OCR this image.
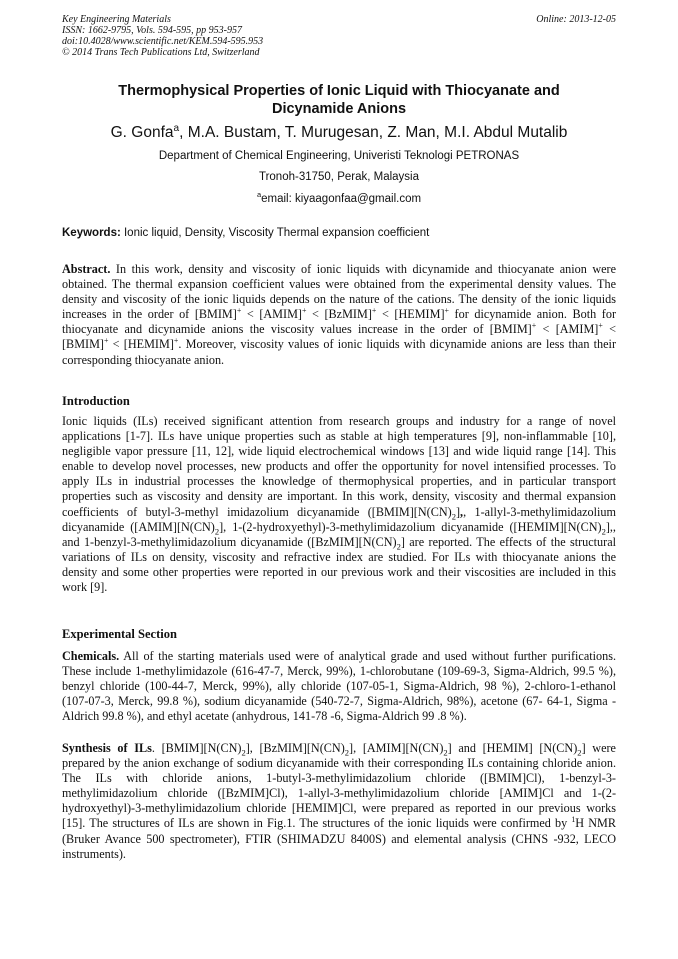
Key Engineering Materials
ISSN: 1662-9795, Vols. 594-595, pp 953-957
doi:10.4028/www.scientific.net/KEM.594-595.953
© 2014 Trans Tech Publications Ltd, Switzerland
Online: 2013-12-05
Thermophysical Properties of Ionic Liquid with Thiocyanate and
Dicynamide Anions
G. Gonfa$^a$, M.A. Bustam, T. Murugesan, Z. Man, M.I. Abdul Mutalib
Department of Chemical Engineering, Univeristi Teknologi PETRONAS
Tronoh-31750, Perak, Malaysia
$^a$email: kiyaagonfaa@gmail.com
Keywords: Ionic liquid, Density, Viscosity Thermal expansion coefficient
Abstract. In this work, density and viscosity of ionic liquids with dicynamide and thiocyanate anion were obtained. The thermal expansion coefficient values were obtained from the experimental density values. The density and viscosity of the ionic liquids depends on the nature of the cations. The density of the ionic liquids increases in the order of [BMIM]+ < [AMIM]+ < [BzMIM]+ < [HEMIM]+ for dicynamide anion. Both for thiocyanate and dicynamide anions the viscosity values increase in the order of [BMIM]+ < [AMIM]+ < [BMIM]+ < [HEMIM]+. Moreover, viscosity values of ionic liquids with dicynamide anions are less than their corresponding thiocyanate anion.
Introduction
Ionic liquids (ILs) received significant attention from research groups and industry for a range of novel applications [1-7]. ILs have unique properties such as stable at high temperatures [9], non-inflammable [10], negligible vapor pressure [11, 12], wide liquid electrochemical windows [13] and wide liquid range [14]. This enable to develop novel processes, new products and offer the opportunity for novel intensified processes. To apply ILs in industrial processes the knowledge of thermophysical properties, and in particular transport properties such as viscosity and density are important. In this work, density, viscosity and thermal expansion coefficients of butyl-3-methyl imidazolium dicyanamide ($[BMIM][N(CN)_2]$,, 1-allyl-3-methylimidazolium dicyanamide ($[AMIM][N(CN)_2]$, 1-(2-hydroxyethyl)-3-methylimidazolium dicyanamide ($[HEMIM][N(CN)_2]$,, and 1-benzyl-3-methylimidazolium dicyanamide ($[BzMIM][N(CN)_2]$ are reported. The effects of the structural variations of ILs on density, viscosity and refractive index are studied. For ILs with thiocyanate anions the density and some other properties were reported in our previous work and their viscosities are included in this work [9].
Experimental Section
Chemicals. All of the starting materials used were of analytical grade and used without further purifications. These include 1-methylimidazole (616-47-7, Merck, 99%), 1-chlorobutane (109-69-3, Sigma-Aldrich, 99.5 %), benzyl chloride (100-44-7, Merck, 99%), ally chloride (107-05-1, Sigma-Aldrich, 98 %), 2-chloro-1-ethanol (107-07-3, Merck, 99.8 %), sodium dicyanamide (540-72-7, Sigma-Aldrich, 98%), acetone (67- 64-1, Sigma -Aldrich 99.8 %), and ethyl acetate (anhydrous, 141-78 -6, Sigma-Aldrich 99 .8 %).
Synthesis of ILs. $[BMIM][N(CN)_2]$, $[BzMIM][N(CN)_2]$, $[AMIM][N(CN)_2]$ and [HEMIM] $[N(CN)_2]$ were prepared by the anion exchange of sodium dicyanamide with their corresponding ILs containing chloride anion. The ILs with chloride anions, 1-butyl-3-methylimidazolium chloride ([BMIM]Cl), 1-benzyl-3-methylimidazolium chloride ([BzMIM]Cl), 1-allyl-3-methylimidazolium chloride [AMIM]Cl and 1-(2-hydroxyethyl)-3-methylimidazolium chloride [HEMIM]Cl, were prepared as reported in our previous works [15]. The structures of ILs are shown in Fig.1. The structures of the ionic liquids were confirmed by $^1$H NMR (Bruker Avance 500 spectrometer), FTIR (SHIMADZU 8400S) and elemental analysis (CHNS -932, LECO instruments).
